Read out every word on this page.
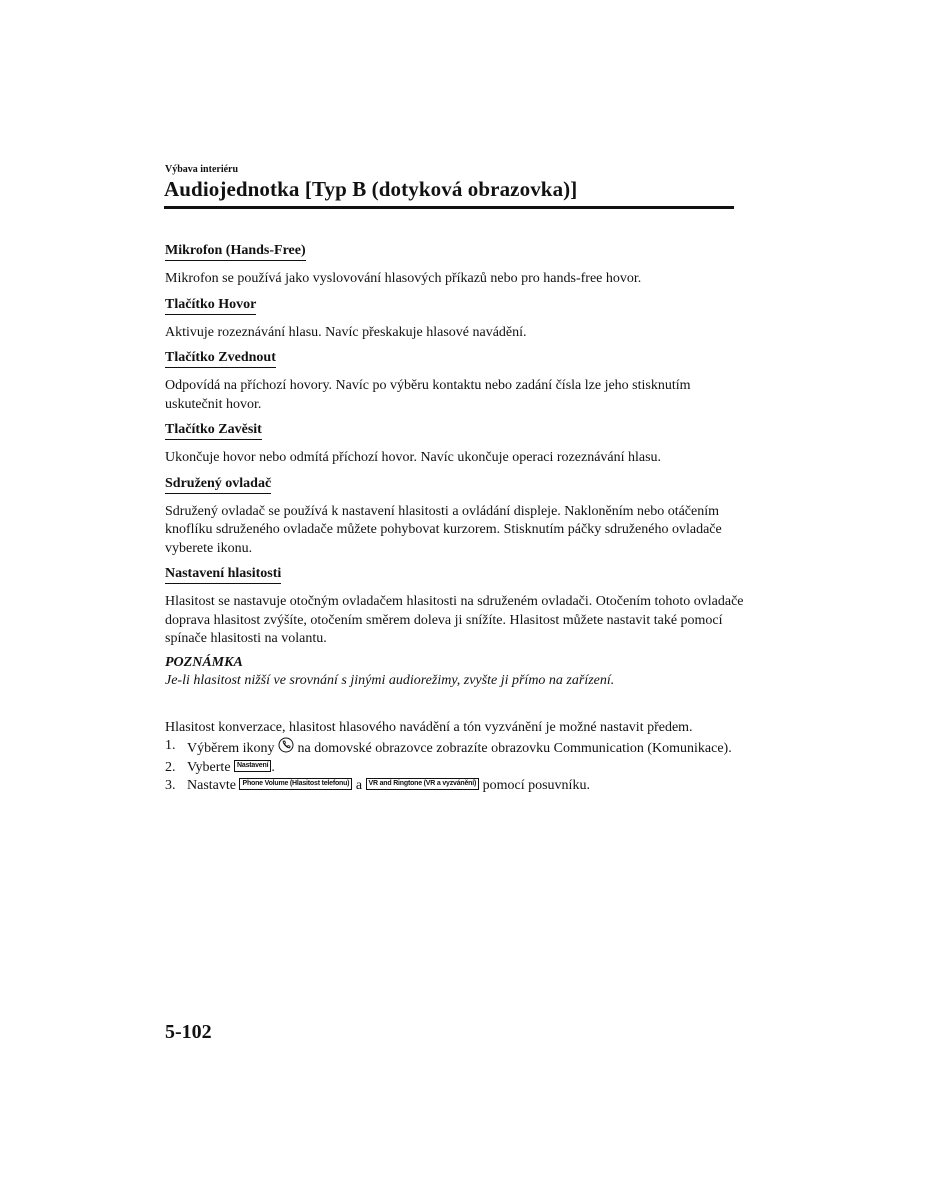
Výbava interiéru
Audiojednotka [Typ B (dotyková obrazovka)]
Mikrofon (Hands-Free)

Mikrofon se používá jako vyslovování hlasových příkazů nebo pro hands-free hovor.

Tlačítko Hovor

Aktivuje rozeznávání hlasu. Navíc přeskakuje hlasové navádění.

Tlačítko Zvednout

Odpovídá na příchozí hovory. Navíc po výběru kontaktu nebo zadání čísla lze jeho stisknutím uskutečnit hovor.

Tlačítko Zavěsit

Ukončuje hovor nebo odmítá příchozí hovor. Navíc ukončuje operaci rozeznávání hlasu.

Sdružený ovladač

Sdružený ovladač se používá k nastavení hlasitosti a ovládání displeje. Nakloněním nebo otáčením knoflíku sdruženého ovladače můžete pohybovat kurzorem. Stisknutím páčky sdruženého ovladače vyberete ikonu.

Nastavení hlasitosti

Hlasitost se nastavuje otočným ovladačem hlasitosti na sdruženém ovladači. Otočením tohoto ovladače doprava hlasitost zvýšíte, otočením směrem doleva ji snížíte. Hlasitost můžete nastavit také pomocí spínače hlasitosti na volantu.

POZNÁMKA
Je-li hlasitost nižší ve srovnání s jinými audiorežimy, zvyšte ji přímo na zařízení.

Hlasitost konverzace, hlasitost hlasového navádění a tón vyzvánění je možné nastavit předem.

1. Výběrem ikony  na domovské obrazovce zobrazíte obrazovku Communication (Komunikace).
2. Vyberte Nastavení .
3. Nastavte Phone Volume (Hlasitost telefonu) a VR and Ringtone (VR a vyzvánění) pomocí posuvníku.
5-102
